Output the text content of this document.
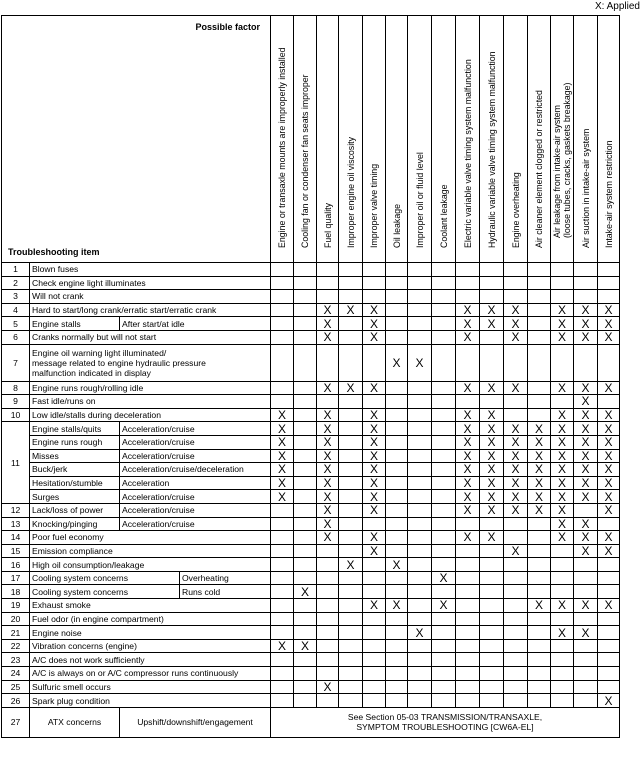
X: Applied
Possible factor
Troubleshooting item				Engine or transaxle mounts are improperly installed	Cooling fan or condenser fan seats improper	Fuel quality	Improper engine oil viscosity	Improper valve timing	Oil leakage	Improper oil or fluid level	Coolant leakage	Electric variable valve timing system malfunction	Hydraulic variable valve timing system malfunction	Engine overheating	Air cleaner element clogged or restricted	Air leakage from intake-air system
(loose tubes, cracks, gaskets breakage)	Air suction in intake-air system	Intake-air system restriction

1	Blown fuses																	
2	Check engine light illuminates																	
3	Will not crank																	
4	Hard to start/long crank/erratic start/erratic crank					X	X	X				X	X	X		X	X	X
5	Engine stalls	After start/at idle				X		X				X	X	X		X	X	X
6	Cranks normally but will not start					X		X				X		X		X	X	X
7	Engine oil warning light illuminated/
message related to engine hydraulic pressure
malfunction indicated in display								X	X								
8	Engine runs rough/rolling idle					X	X	X				X	X	X		X	X	X
9	Fast idle/runs on																X	
10	Low idle/stalls during deceleration			X		X		X				X	X			X	X	X
11	Engine stalls/quits	Acceleration/cruise		X		X		X				X	X	X	X	X	X	X
	Engine runs rough	Acceleration/cruise		X		X		X				X	X	X	X	X	X	X
	Misses	Acceleration/cruise		X		X		X				X	X	X	X	X	X	X
	Buck/jerk	Acceleration/cruise/deceleration		X		X		X				X	X	X	X	X	X	X
	Hesitation/stumble	Acceleration		X		X		X				X	X	X	X	X	X	X
	Surges	Acceleration/cruise		X		X		X				X	X	X	X	X	X	X
12	Lack/loss of power	Acceleration/cruise				X		X				X	X	X	X	X		X
13	Knocking/pinging	Acceleration/cruise				X										X	X	
14	Poor fuel economy					X		X				X	X			X	X	X
15	Emission compliance							X						X			X	X
16	High oil consumption/leakage						X		X									
17	Cooling system concerns		Overheating								X							
18	Cooling system concerns		Runs cold		X													
19	Exhaust smoke							X	X		X				X	X	X	X
20	Fuel odor (in engine compartment)																	
21	Engine noise									X						X	X	
22	Vibration concerns (engine)			X	X													
23	A/C does not work sufficiently																	
24	A/C is always on or A/C compressor runs continuously																	
25	Sulfuric smell occurs					X												
26	Spark plug condition																	X
27	ATX concerns	Upshift/downshift/engagement		See Section 05-03 TRANSMISSION/TRANSAXLE,
SYMPTOM TROUBLESHOOTING [CW6A-EL]														
